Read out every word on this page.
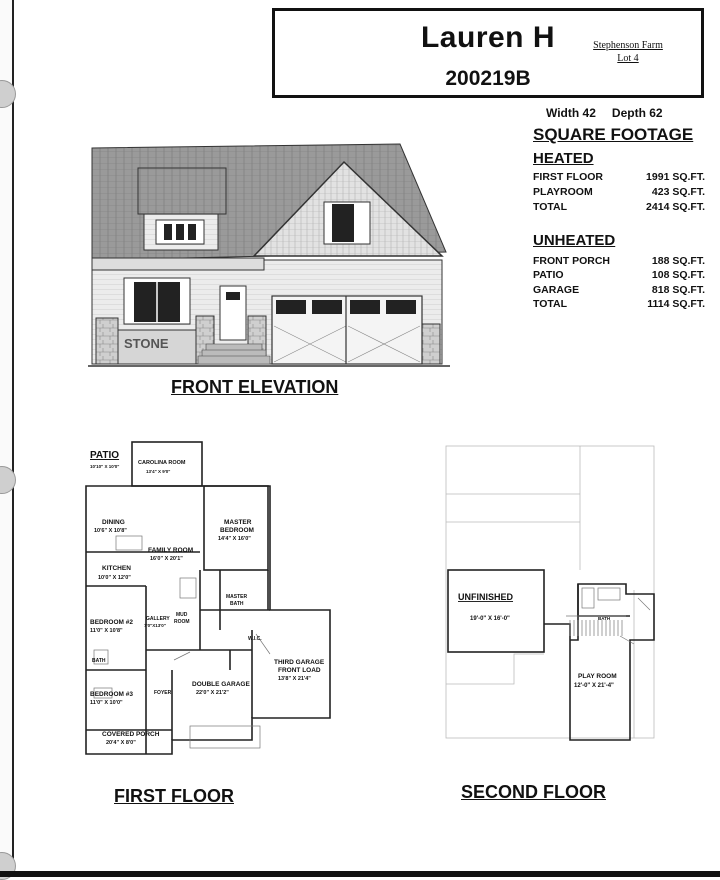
Lauren H
200219B
Stephenson Farm
Lot 4
Width 42 Depth 62
SQUARE FOOTAGE
HEATED
FIRST FLOOR	1991 SQ.FT.
PLAYROOM	423 SQ.FT.
TOTAL	2414 SQ.FT.
UNHEATED
FRONT PORCH	188 SQ.FT.
PATIO	108 SQ.FT.
GARAGE	818 SQ.FT.
TOTAL	1114 SQ.FT.
STONE
FRONT ELEVATION
PATIO
10'10" X 10'0"
CAROLINA ROOM
13'4" X 9'0"
DINING
10'6" X 10'8"
MASTER
BEDROOM
14'4" X 16'0"
FAMILY ROOM
16'0" X 20'1"
KITCHEN
10'0" X 12'0"
MASTER
BATH
MUD
ROOM
BEDROOM #2
11'0" X 10'8"
GALLERY
7'0"X13'0"
W.I.C.
BATH
BEDROOM #3
11'0" X 10'0"
FOYER
DOUBLE GARAGE
22'0" X 21'2"
THIRD GARAGE
FRONT LOAD
13'8" X 21'4"
COVERED PORCH
20'4" X 8'0"
FIRST FLOOR
UNFINISHED
19'-0" X 16'-0"	BATH
PLAY ROOM
12'-0" X 21'-4"
SECOND FLOOR
